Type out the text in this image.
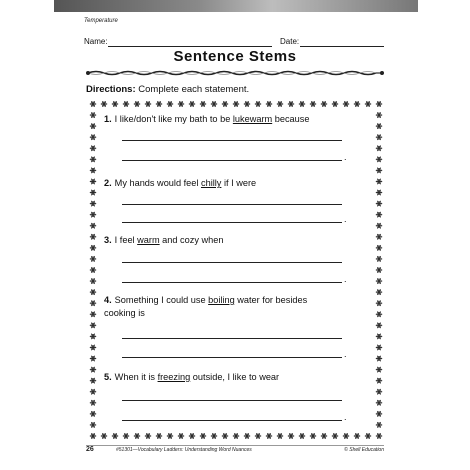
Temperature
Name:	Date:
Sentence Stems
Directions: Complete each statement.
1. I like/don't like my bath to be lukewarm because
.
2. My hands would feel chilly if I were
.
3. I feel warm and cozy when
.
4. Something I could use boiling water for besides
cooking is
.
5. When it is freezing outside, I like to wear
.
26	#51301—Vocabulary Ladders: Understanding Word Nuances	© Shell Education
